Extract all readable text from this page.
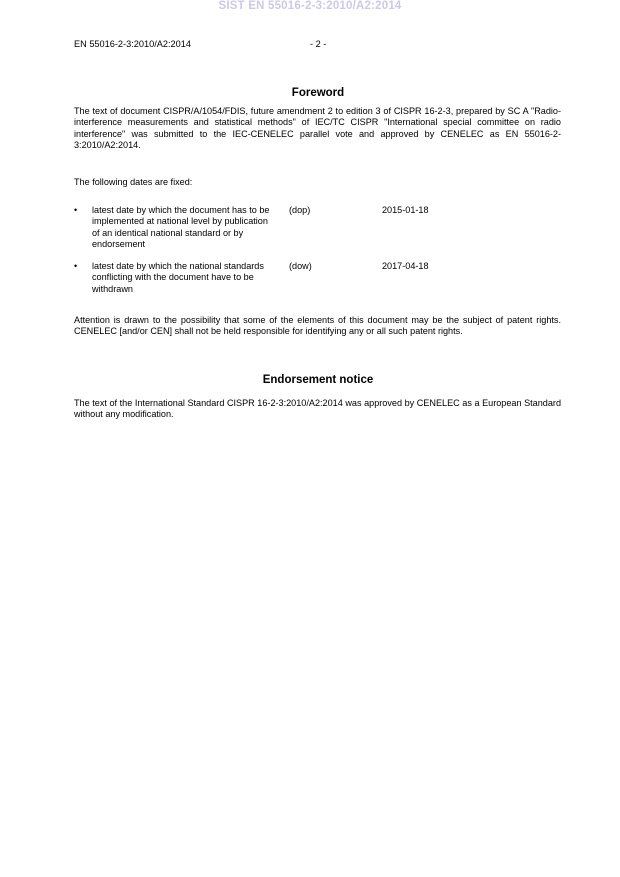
SIST EN 55016-2-3:2010/A2:2014
EN 55016-2-3:2010/A2:2014	- 2 -
Foreword

The text of document CISPR/A/1054/FDIS, future amendment 2 to edition 3 of CISPR 16-2-3, prepared by SC A "Radio-interference measurements and statistical methods" of IEC/TC CISPR "International special committee on radio interference" was submitted to the IEC-CENELEC parallel vote and approved by CENELEC as EN 55016-2-3:2010/A2:2014.

The following dates are fixed:

• latest date by which the document has to be implemented at national level by publication of an identical national standard or by endorsement
(dop)	2015-01-18
• latest date by which the national standards conflicting with the document have to be withdrawn
(dow)	2017-04-18

Attention is drawn to the possibility that some of the elements of this document may be the subject of patent rights. CENELEC [and/or CEN] shall not be held responsible for identifying any or all such patent rights.

Endorsement notice

The text of the International Standard CISPR 16-2-3:2010/A2:2014 was approved by CENELEC as a European Standard without any modification.
